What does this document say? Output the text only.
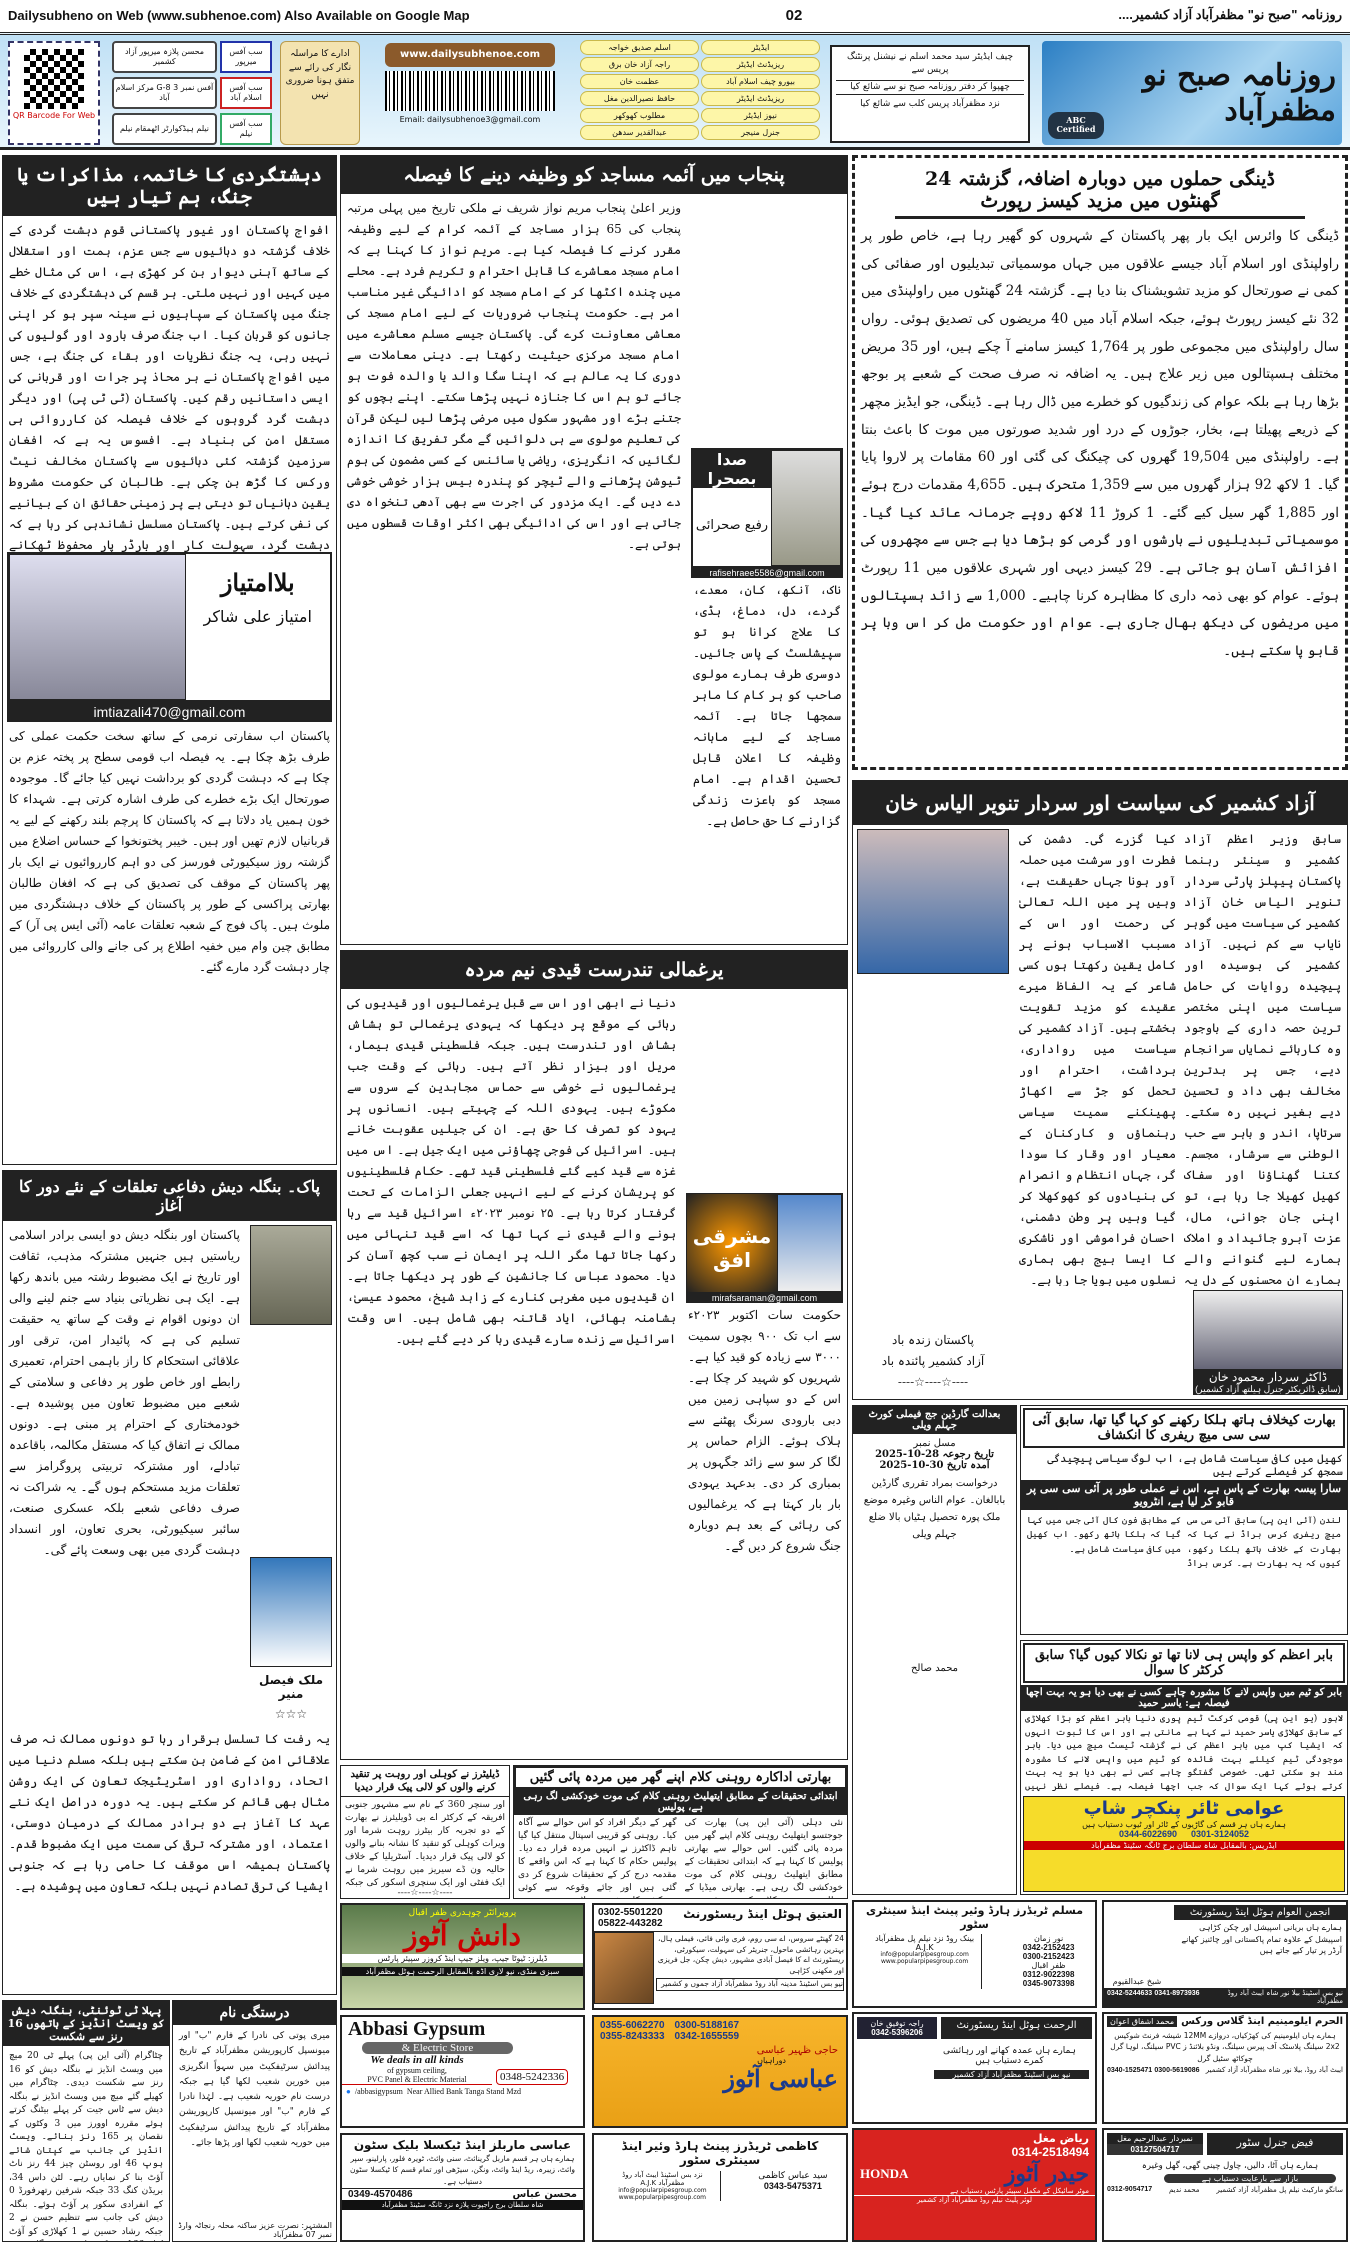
Dailysubheno on Web (www.subhenoe.com) Also Available on Google Map	02	روزنامہ "صبح نو" مظفرآباد آزاد کشمیر....
روزنامہ صبح نو مظفرآباد
ABC Certified
چیف ایڈیٹر سید محمد اسلم نے نیشنل پرنٹنگ پریس سے
چھپوا کر دفتر روزنامہ صبح نو سے شائع کیا
نزد مظفرآباد پریس کلب سے شائع کیا
ایڈیٹر
اسلم صدیق خواجہ
ریزیڈنٹ ایڈیٹر
راجہ آزاد خان برق
بیورو چیف اسلام آباد
عظمت خان
ریزیڈنٹ ایڈیٹر
حافظ نصیرالدین مغل
نیوز ایڈیٹر
مطلوب کھوکھر
جنرل منیجر
عبدالقدیر سدھن
www.dailysubhenoe.com
Email: dailysubhenoe3@gmail.com
ادارے کا مراسلہ نگار کی رائے سے متفق ہونا ضروری نہیں
سب آفس میرپور
محسن پلازہ میرپور آزاد کشمیر
سب آفس اسلام آباد
آفس نمبر 3 G-8 مرکز اسلام آباد
سب آفس نیلم
نیلم ہیڈکوارٹر اٹھمقام نیلم
QR Barcode For Web
دہشتگردی کا خاتمہ، مذاکرات یا جنگ، ہم تیار ہیں
افواج پاکستان اور غیور پاکستانی قوم دہشت گردی کے خلاف گزشتہ دو دہائیوں سے جس عزم، ہمت اور استقلال کے ساتھ آہنی دیوار بن کر کھڑی ہے، اس کی مثال خطے میں کہیں اور نہیں ملتی۔ ہر قسم کی دہشتگردی کے خلاف جنگ میں پاکستان کے سپاہیوں نے سینہ سپر ہو کر اپنی جانوں کو قربان کیا۔ اب جنگ صرف بارود اور گولیوں کی نہیں رہی، یہ جنگ نظریات اور بقاء کی جنگ ہے، جس میں افواج پاکستان نے ہر محاذ پر جرات اور قربانی کی ایسی داستانیں رقم کیں۔ پاکستان (ٹی ٹی پی) اور دیگر دہشت گرد گروہوں کے خلاف فیصلہ کن کارروائی ہی مستقل امن کی بنیاد ہے۔ افسوس یہ ہے کہ افغان سرزمین گزشتہ کئی دہائیوں سے پاکستان مخالف نیٹ ورکس کا گڑھ بن چکی ہے۔ طالبان کی حکومت مشروط یقین دہانیاں تو دیتی ہے پر زمینی حقائق ان کے بیانیے کی نفی کرتے ہیں۔ پاکستان مسلسل نشاندہی کر رہا ہے کہ دہشت گرد، سہولت کار اور بارڈر پار محفوظ ٹھکانے
بلاامتیاز
امتیاز علی شاکر
imtiazali470@gmail.com
پاکستان اب سفارتی نرمی کے ساتھ سخت حکمت عملی کی طرف بڑھ چکا ہے۔ یہ فیصلہ اب قومی سطح پر پختہ عزم بن چکا ہے کہ دہشت گردی کو برداشت نہیں کیا جائے گا۔ موجودہ صورتحال ایک بڑے خطرے کی طرف اشارہ کرتی ہے۔ شہداء کا خون ہمیں یاد دلاتا ہے کہ پاکستان کا پرچم بلند رکھنے کے لیے یہ قربانیاں لازم تھیں اور ہیں۔ خیبر پختونخوا کے حساس اضلاع میں گزشتہ روز سیکیورٹی فورسز کی دو اہم کارروائیوں نے ایک بار پھر پاکستان کے موقف کی تصدیق کی ہے کہ افغان طالبان بھارتی پراکسی کے طور پر پاکستان کے خلاف دہشتگردی میں ملوث ہیں۔ پاک فوج کے شعبہ تعلقات عامہ (آئی ایس پی آر) کے مطابق چین وام میں خفیہ اطلاع پر کی جانے والی کارروائی میں چار دہشت گرد مارے گئے۔
پاک۔ بنگلہ دیش دفاعی تعلقات کے نئے دور کا آغاز
پاکستان اور بنگلہ دیش دو ایسی برادر اسلامی ریاستیں ہیں جنہیں مشترکہ مذہب، ثقافت اور تاریخ نے ایک مضبوط رشتہ میں باندھ رکھا ہے۔ ایک ہی نظریاتی بنیاد سے جنم لینے والی ان دونوں اقوام نے وقت کے ساتھ یہ حقیقت تسلیم کی ہے کہ پائیدار امن، ترقی اور علاقائی استحکام کا راز باہمی احترام، تعمیری رابطے اور خاص طور پر دفاعی و سلامتی کے شعبے میں مضبوط تعاون میں پوشیدہ ہے۔ خودمختاری کے احترام پر مبنی ہے۔ دونوں ممالک نے اتفاق کیا کہ مستقل مکالمہ، باقاعدہ تبادلے، اور مشترکہ تربیتی پروگرامز سے تعلقات مزید مستحکم ہوں گے۔ یہ شراکت نہ صرف دفاعی شعبے بلکہ عسکری صنعت، سائبر سیکیورٹی، بحری تعاون، اور انسداد دہشت گردی میں بھی وسعت پائے گی۔
ملک فیصل منیر
☆☆☆
یہ رفت کا تسلسل برقرار رہا تو دونوں ممالک نہ صرف علاقائی امن کے ضامن بن سکتے ہیں بلکہ مسلم دنیا میں اتحاد، رواداری اور اسٹریٹیجک تعاون کی ایک روشن مثال بھی قائم کر سکتے ہیں۔ یہ دورہ دراصل ایک نئے عہد کا آغاز ہے دو برادر ممالک کے درمیان دوستی، اعتماد، اور مشترکہ ترقی کی سمت میں ایک مضبوط قدم۔ پاکستان ہمیشہ اس موقف کا حامی رہا ہے کہ جنوبی ایشیا کی ترقی تصادم نہیں بلکہ تعاون میں پوشیدہ ہے۔
پہلا ٹی ٹوئنٹی، بنگلہ دیش کو ویسٹ انڈیز کے ہاتھوں 16 رنز سے شکست
چٹاگرام (آئی این پی) پہلے ٹی 20 میچ میں ویسٹ انڈیز نے بنگلہ دیش کو 16 رنز سے شکست دیدی۔ چٹاگرام میں کھیلے گئے میچ میں ویسٹ انڈیز نے بنگلہ دیش سے ٹاس جیت کر پہلے بیٹنگ کرتے ہوئے مقررہ اوورز میں 3 وکٹوں کے نقصان پر 165 رنز بنائے۔ ویسٹ انڈیز کی جانب سے کپتان شائے ہوپ 46 اور روسٹن چیز 44 رنز ناٹ آؤٹ بنا کر نمایاں رہے۔ لٹن داس 34، بریڈن کنگ 33 جبکہ شرفین رتھرفورڈ 0 کے انفرادی سکور پر آؤٹ ہوئے۔ بنگلہ دیش کی جانب سے تنظیم حسن نے 2 جبکہ رشاد حسین نے 1 کھلاڑی کو آؤٹ
درستگی نام
میری پوتی کی نادرا کے فارم "ب" اور میونسپل کارپوریشن مظفرآباد کے تاریخ پیدائش سرٹیفکیٹ میں سہواً انگریزی میں خورین شعیب لکھا گیا ہے جبکہ درست نام حوریہ شعیب ہے۔ لہٰذا نادرا کے فارم "ب" اور میونسپل کارپوریشن مظفرآباد کے تاریخ پیدائش سرٹیفکیٹ میں حوریہ شعیب لکھا اور پڑھا جائے۔
المشتہر: نصرت عزیز ساکنہ محلہ رنجاٹہ وارڈ نمبر 07 مظفرآباد
پنجاب میں آئمہ مساجد کو وظیفہ دینے کا فیصلہ
وزیر اعلیٰ پنجاب مریم نواز شریف نے ملکی تاریخ میں پہلی مرتبہ پنجاب کی 65 ہزار مساجد کے آئمہ کرام کے لیے وظیفہ مقرر کرنے کا فیصلہ کیا ہے۔ مریم نواز کا کہنا ہے کہ امام مسجد معاشرے کا قابل احترام و تکریم فرد ہے۔ محلے میں چندہ اکٹھا کر کے امام مسجد کو ادائیگی غیر مناسب امر ہے۔ حکومت پنجاب ضروریات کے لیے امام مسجد کی معاشی معاونت کرے گی۔ پاکستان جیسے مسلم معاشرے میں امام مسجد مرکزی حیثیت رکھتا ہے۔ دینی معاملات سے دوری کا یہ عالم ہے کہ اپنا سگا والد یا والدہ فوت ہو جائے تو ہم اس کا جنازہ نہیں پڑھا سکتے۔ اپنے بچوں کو جتنے بڑے اور مشہور سکول میں مرضی پڑھا لیں لیکن قرآن کی تعلیم مولوی سے ہی دلوائیں گے مگر تفریق کا اندازہ لگائیں کہ انگریزی، ریاضی یا سائنس کے کسی مضمون کی ہوم ٹیوشن پڑھانے والے ٹیچر کو پندرہ بیس ہزار خوشی خوشی دے دیں گے۔ ایک مزدور کی اجرت سے بھی آدھی تنخواہ دی جاتی ہے اور اس کی ادائیگی بھی اکثر اوقات قسطوں میں ہوتی ہے۔
صدا بصحرا
رفیع صحرائی
rafisehraee5586@gmail.com
ناک، آنکھ، کان، معدے، گردے، دل، دماغ، ہڈی، کا علاج کرانا ہو تو سپیشلسٹ کے پاس جائیں۔ دوسری طرف ہمارے مولوی صاحب کو ہر کام کا ماہر سمجھا جاتا ہے۔ آئمہ مساجد کے لیے ماہانہ وظیفہ کا اعلان قابل تحسین اقدام ہے۔ امام مسجد کو باعزت زندگی گزارنے کا حق حاصل ہے۔
یرغمالی تندرست قیدی نیم مردہ
دنیا نے ابھی اور اس سے قبل یرغمالیوں اور قیدیوں کی رہائی کے موقع پر دیکھا کہ یہودی یرغمالی تو ہشاش بشاش اور تندرست ہیں۔ جبکہ فلسطینی قیدی بیمار، مریل اور بیزار نظر آتے ہیں۔ رہائی کے وقت جب یرغمالیوں نے خوشی سے حماس مجاہدین کے سروں سے مکوڑے ہیں۔ یہودی اللہ کے چہیتے ہیں۔ انسانوں پر یہود کو تصرف کا حق ہے۔ ان کی جیلیں عقوبت خانے ہیں۔ اسرائیل کی فوجی چھاؤنی میں ایک جیل ہے۔ اس میں غزہ سے قید کیے گئے فلسطینی قید تھے۔ حکام فلسطینیوں کو پریشان کرنے کے لیے انہیں جعلی الزامات کے تحت گرفتار کرتا رہا ہے۔ ۲۵ نومبر ۲۰۲۳ء اسرائیل قید سے رہا ہونے والے قیدی نے کہا تھا کہ اسے قید تنہائی میں رکھا جاتا تھا مگر اللہ پر ایمان نے سب کچھ آسان کر دیا۔ محمود عباس کا جانشین کے طور پر دیکھا جاتا ہے۔ ان قیدیوں میں مغربی کنارے کے زاہد شیخ، محمود عیسیٰ، بشامنہ بھائی، ایاد قاتنہ بھی شامل ہیں۔ اس وقت اسرائیل سے زندہ سارے قیدی رہا کر دیے گئے ہیں۔
مشرقی افق
mirafsaraman@gmail.com
حکومت سات اکتوبر ۲۰۲۳ء سے اب تک ۹۰۰ بچوں سمیت ۳۰۰۰ سے زیادہ کو قید کیا ہے۔ شہریوں کو شہید کر چکا ہے۔ اس کے دو سپاہی زمین میں دبی بارودی سرنگ پھٹنے سے ہلاک ہوئے۔ الزام حماس پر لگا کر سو سے زائد جگہوں پر بمباری کر دی۔ بدعہد یہودی بار بار کہتا ہے کہ یرغمالیوں کی رہائی کے بعد ہم دوبارہ جنگ شروع کر دیں گے۔
ڈیلیٹرز نے کوہلی اور روہت پر تنقید کرنے والوں کو لالی پیک قرار دیدیا
اور سنچر 360 کے نام سے مشہور جنوبی افریقہ کے کرکٹر اے بی ڈویلیئرز نے بھارت کے دو تجربہ کار بیٹرز روہت شرما اور ویرات کوہلی کو تنقید کا نشانہ بنانے والوں کو لالی پیک قرار دیدیا۔ آسٹریلیا کے خلاف حالیہ ون ڈے سیریز میں روہت شرما نے ایک ففٹی اور ایک سنچری اسکور کی جبکہ
----☆----☆----
بھارتی اداکارہ روہنی کلام اپنے گھر میں مردہ پائی گئیں
ابتدائی تحقیقات کے مطابق ایتھلیٹ روہنی کلام کی موت خودکشی لگ رہی ہے، پولیس
نئی دہلی (آئی این پی) بھارت کی جوجتسو ایتھلیٹ روہنی کلام اپنے گھر میں مردہ پائی گئیں۔ اس حوالے سے بھارتی پولیس کا کہنا ہے کہ ابتدائی تحقیقات کے مطابق ایتھلیٹ روہنی کلام کی موت خودکشی لگ رہی ہے۔ بھارتی میڈیا کے گھر کے دیگر افراد کو اس حوالے سے آگاہ کیا۔ روہنی کو قریبی اسپتال منتقل کیا گیا تاہم ڈاکٹرز نے انہیں مردہ قرار دے دیا۔ پولیس حکام کا کہنا ہے کہ اس واقعے کا مقدمہ درج کر کے تحقیقات شروع کر دی گئی ہیں اور جائے وقوعہ سے کوئی
ڈینگی حملوں میں دوبارہ اضافہ، گزشتہ 24 گھنٹوں میں مزید کیسز رپورٹ
ڈینگی کا وائرس ایک بار پھر پاکستان کے شہروں کو گھیر رہا ہے، خاص طور پر راولپنڈی اور اسلام آباد جیسے علاقوں میں جہاں موسمیاتی تبدیلیوں اور صفائی کی کمی نے صورتحال کو مزید تشویشناک بنا دیا ہے۔ گزشتہ 24 گھنٹوں میں راولپنڈی میں 32 نئے کیسز رپورٹ ہوئے، جبکہ اسلام آباد میں 40 مریضوں کی تصدیق ہوئی۔ رواں سال راولپنڈی میں مجموعی طور پر 1,764 کیسز سامنے آ چکے ہیں، اور 35 مریض مختلف ہسپتالوں میں زیر علاج ہیں۔ یہ اضافہ نہ صرف صحت کے شعبے پر بوجھ بڑھا رہا ہے بلکہ عوام کی زندگیوں کو خطرے میں ڈال رہا ہے۔ ڈینگی، جو ایڈیز مچھر کے ذریعے پھیلتا ہے، بخار، جوڑوں کے درد اور شدید صورتوں میں موت کا باعث بنتا ہے۔ راولپنڈی میں 19,504 گھروں کی چیکنگ کی گئی اور 60 مقامات پر لاروا پایا گیا۔ 1 لاکھ 92 ہزار گھروں میں سے 1,359 متحرک ہیں۔ 4,655 مقدمات درج ہوئے اور 1,885 گھر سیل کیے گئے۔ 1 کروڑ 11 لاکھ روپے جرمانہ عائد کیا گیا۔ موسمیاتی تبدیلیوں نے بارشوں اور گرمی کو بڑھا دیا ہے جس سے مچھروں کی افزائش آسان ہو جاتی ہے۔ 29 کیسز دیہی اور شہری علاقوں میں 11 رپورٹ ہوئے۔ عوام کو بھی ذمہ داری کا مظاہرہ کرنا چاہیے۔ 1,000 سے زائد ہسپتالوں میں مریضوں کی دیکھ بھال جاری ہے۔ عوام اور حکومت مل کر اس وبا پر قابو پا سکتے ہیں۔
آزاد کشمیر کی سیاست اور سردار تنویر الیاس خان
پاکستان زندہ باد
آزاد کشمیر پائندہ باد
----☆----☆----
سابق وزیر اعظم آزاد کشمیر و سینئر رہنما پاکستان پیپلز پارٹی سردار تنویر الیاس خان آزاد کشمیر کی سیاست میں گوہر نایاب سے کم نہیں۔ آزاد کشمیر کی بوسیدہ اور پیچیدہ روایات کی حامل سیاست میں اپنی مختصر ترین حصہ داری کے باوجود وہ کارہائے نمایاں سرانجام دیے، جس پر بدترین مخالف بھی داد و تحسین دیے بغیر نہیں رہ سکتے۔ سرتاپا، اندر و باہر سے حب الوطنی سے سرشار، مجسم۔ کتنا گھناؤنا اور سفاک کھیل کھیلا جا رہا ہے، تو اپنی جان جوانی، مال، عزت آبرو جائیداد و املاک ہمارے لیے گنوانے والے ہمارے ان محسنوں کے دل پہ کیا گزرے گی۔ دشمن کی فطرت اور سرشت میں حملہ آور ہونا جہاں حقیقت ہے، وہیں پر میں اللہ تعالیٰ کی رحمت اور اس کے مسبب الاسباب ہونے پر کامل یقین رکھتا ہوں کسی شاعر کے یہ الفاظ میرے عقیدے کو مزید تقویت بخشتے ہیں۔ آزاد کشمیر کی سیاست میں رواداری، برداشت، احترام اور تحمل کو جڑ سے اکھاڑ پھینکنے سمیت سیاسی رہنماؤں و کارکنان کے معیار اور وقار کا سودا گر، جہاں انتظام و انصرام کی بنیادوں کو کھوکھلا کر گیا وہیں پر وطن دشمنی، احسان فراموشی اور ناشکری کا ایسا بیج بھی ہماری نسلوں میں بویا جا رہا ہے۔
ڈاکٹر سردار محمود خان
(سابق ڈائریکٹر جنرل ہیلتھ آزاد کشمیر)
بعدالت گارڈین جج فیملی کورٹ جہلم ویلی
مسل نمبر
تاریخ رجوعہ 28-10-2025
آمدہ تاریخ 30-10-2025
درخواست بمراد تقرری گارڈین بابالغان۔ عوام الناس وغیرہ موضع ملک پورہ تحصیل ہٹیاں بالا ضلع جہلم ویلی
محمد صالح
بھارت کیخلاف ہاتھ ہلکا رکھنے کو کہا گیا تھا، سابق آئی سی سی میچ ریفری کا انکشاف
کھیل میں کافی سیاست شامل ہے، اب لوگ سیاسی پیچیدگی سمجھ کر فیصلے کرتے ہیں
سارا پیسہ بھارت کے پاس ہے، اس نے عملی طور پر آئی سی سی پر قابو کر لیا ہے، انٹرویو
لندن (آئی این پی) سابق آئی سی سی میچ ریفری کرس براڈ نے کہا کہ بھارت کے خلاف ہاتھ ہلکا رکھو، کیوں کہ یہ بھارت ہے۔ کرس براڈ کے مطابق فون کال آئی جس میں کہا گیا کہ ہلکا ہاتھ رکھو۔ اب کھیل میں کافی سیاست شامل ہے۔
بابر اعظم کو واپس ہی لانا تھا تو نکالا کیوں گیا؟ سابق کرکٹر کا سوال
بابر کو ٹیم میں واپس لانے کا مشورہ چاہے کسی نے بھی دیا ہو یہ بہت اچھا فیصلہ ہے: یاسر حمید
لاہور (یو این پی) قومی کرکٹ ٹیم کے سابق کھلاڑی یاسر حمید نے کہا ہے کہ ایشیا کپ میں بابر اعظم کی موجودگی ٹیم کیلئے بہت فائدہ مند ہو سکتی تھی۔ خصوصی گفتگو کرتے ہوئے کہا ایک سوال کہ جب پوری دنیا بابر اعظم کو بڑا کھلاڑی مانتی ہے اور اس کا ثبوت انہوں نے گزشتہ ٹیسٹ میچ میں دیا۔ بابر کو ٹیم میں واپس لانے کا مشورہ چاہے کسی نے بھی دیا ہو یہ بہت اچھا فیصلہ ہے۔ فیصلے نظر نہیں
عوامی ٹائر پنکچر شاپ
ہمارے ہاں ہر قسم کی گاڑیوں کے ٹائر اور ٹیوب دستیاب ہیں
0301-3124052
0344-6022690
ایڈریس: بالمقابل شاہ سلطان برج ٹانگہ سٹینڈ مظفرآباد
پروپرائٹر چوہدری ظفر اقبال
دانش آٹوز
ڈیلرز: ٹیوٹا جیپ، ویلز جیپ اینڈ کروزر سپیئر پارٹس
سبزی منڈی، نیو لاری اڈہ بالمقابل الرحمت ہوٹل مظفرآباد
0302-5501220
05822-443282
العتیق ہوٹل اینڈ ریسٹورنٹ
24 گھنٹے سروس، اے سی روم، فری وائی فائی، فیملی ہال، بہترین رہائشی ماحول، جنریٹر کی سہولت، سیکورٹی، ریسٹورنٹ اے کا فیصل آبادی مشہور، دیش چکن، جل فریزی اور مکھنی کڑاہی
نیو بس اسٹینڈ مدینہ آباد روڈ مظفرآباد آزاد جموں و کشمیر
Abbasi Gypsum
& Electric Store
We deals in all kinds
of gypsum ceiling,
PVC Panel & Electric Material	0348-5242336
● /abbasigypsum Near Allied Bank Tanga Stand Mzd
0355-6062270
0355-8243333
0300-5188167
0342-1655559
حاجی ظہیر عباسی
دوراہیاں
عباسی آٹوز
عباسی ماربلز اینڈ ٹیکسلا بلیک سٹون
ہمارے ہاں ہر قسم ماربل گرینائٹ، سنی وائٹ، ٹویرہ فلور، پارلینو، سپر وائٹ، زیبرہ، ریڈ اینڈ وائٹ، ونگن، سیڑھی اور تمام قسم کا ٹیکسلا سٹون دستیاب ہے۔
محسن عباس
0349-4570486
شاہ سلطان برج راجپوت پلازہ نزد ٹانگہ سٹینڈ مظفرآباد
کاظمی ٹریڈرز پینٹ ہارڈ وئیر اینڈ سینٹری سٹور
سید عباس کاظمی
0343-5475371
نزد بس اسٹینڈ ایبٹ آباد روڈ مظفرآباد A.J.K
info@popularpipesgroup.com www.popularpipesgroup.com
مسلم ٹریڈرز ہارڈ وئیر پینٹ اینڈ سینٹری سٹور
نور زمان
0342-2152423
0300-2152423
ظفر اقبال
0312-9022398
0345-9073398
بینک روڈ نزد نیلم پل مظفرآباد A.J.K
info@popularpipesgroup.com www.popularpipesgroup.com
انجمن العوام ہوٹل اینڈ ریسٹورنٹ
ہمارے ہاں بریانی اسپیشل اور چکن کڑاہی اسپیشل کے علاوہ تمام پاکستانی اور چائنیز کھانے آرڈر پر تیار کیے جاتے ہیں
شیخ عبدالقیوم
نیو بس اسٹینڈ بیلا نور شاہ ایبٹ آباد روڈ مظفرآباد
0342-5244633 0341-8973936
الرحمت ہوٹل اینڈ ریسٹورنٹ
راجہ توفیق خان
0342-5396206
ہمارے ہاں عمدہ کھانے اور رہائشی کمرے دستیاب ہیں
نیو بس اسٹینڈ مظفرآباد آزاد کشمیر
الحرم ایلومینیم اینڈ گلاس ورکس
محمد اشفاق اعوان
ہمارے ہاں ایلومینیم کی کھڑکیاں، دروازے 12MM شیشہ فرنٹ شوکیس 2x2 سیلنگ پلاسٹک آف پیرس سیلنگ، ونڈو بلائنڈ ز PVC سیلنگ، لوہا گرل چوکاٹھ سٹیل گرل
ایبٹ آباد روڈ، بیلا نور شاہ مظفرآباد آزاد کشمیر
0340-1525471 0300-5619086
ریاض مغل
0314-2518494
حیدر آٹوز
HONDA
موٹر سائیکل کے مکمل سپیئر پارٹس دستیاب ہے
لوئر پلیٹ نیلم روڈ مظفرآباد آزاد کشمیر
فیض جنرل سٹور
نمبردار عبدالرحیم مغل
03127504717
ہمارے ہاں آٹا، دالیں، چاول چینی گھی، گھل وغیرہ
بازار سے بارعایت دستیاب ہے
سانگو مارکیٹ نیلم پل مظفرآباد آزاد کشمیر
محمد ندیم
0312-9054717
